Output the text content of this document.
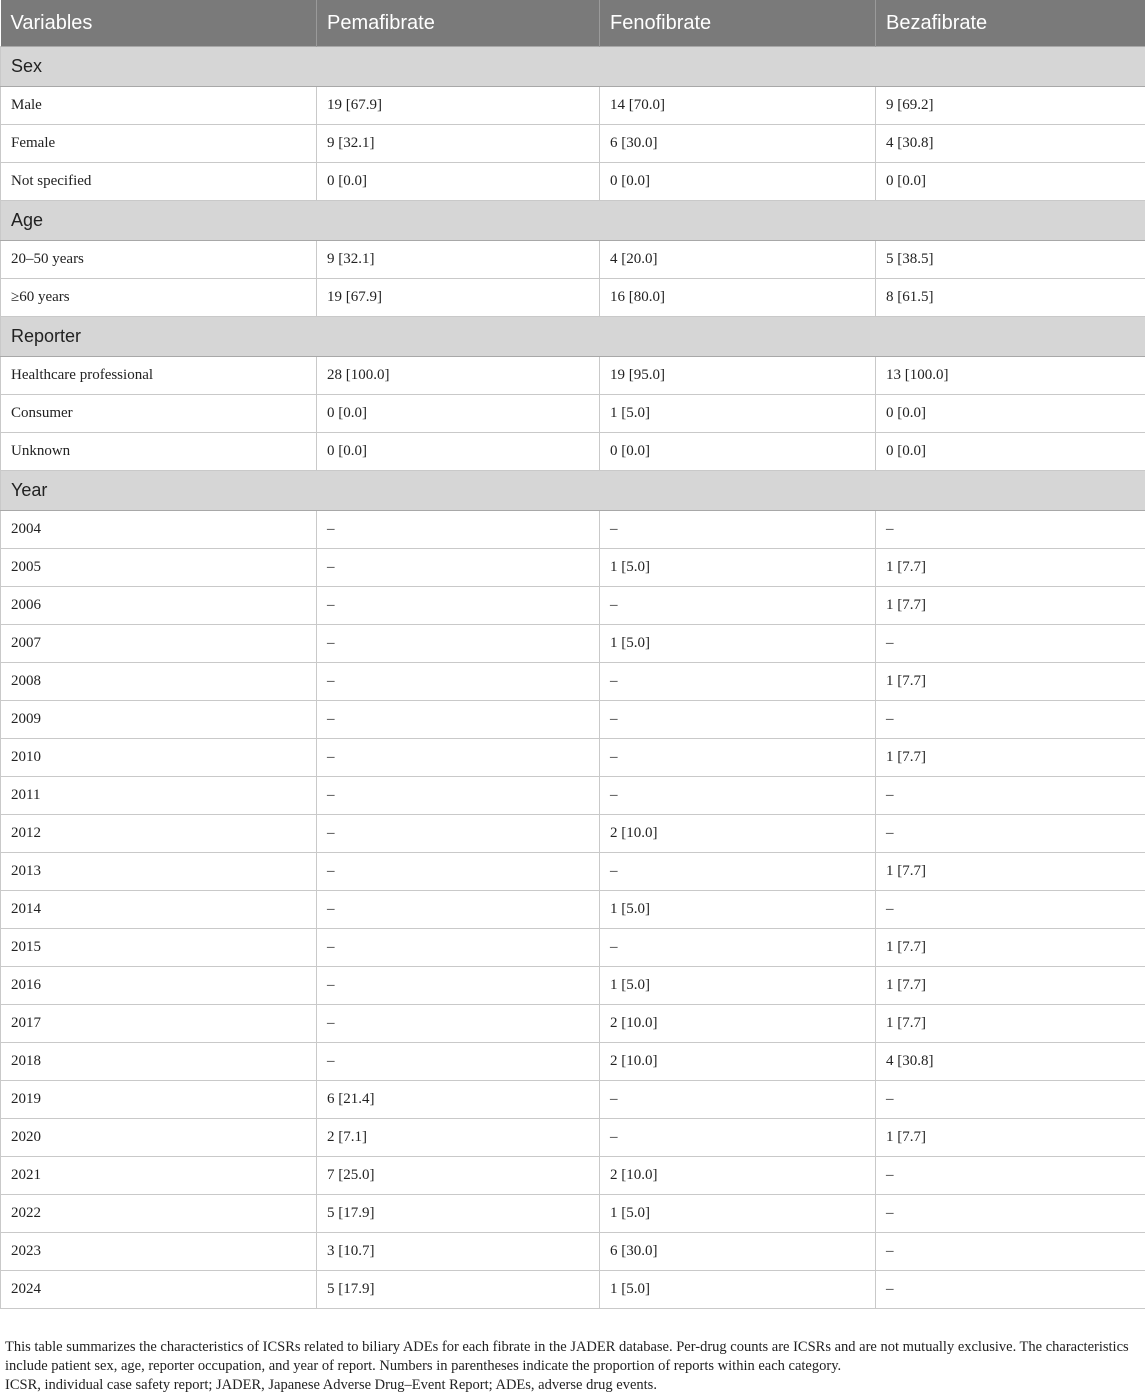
Variables	Pemafibrate	Fenofibrate	Bezafibrate
Sex			
Male	19 [67.9]	14 [70.0]	9 [69.2]
Female	9 [32.1]	6 [30.0]	4 [30.8]
Not specified	0 [0.0]	0 [0.0]	0 [0.0]
Age			
20–50 years	9 [32.1]	4 [20.0]	5 [38.5]
≥60 years	19 [67.9]	16 [80.0]	8 [61.5]
Reporter			
Healthcare professional	28 [100.0]	19 [95.0]	13 [100.0]
Consumer	0 [0.0]	1 [5.0]	0 [0.0]
Unknown	0 [0.0]	0 [0.0]	0 [0.0]
Year			
2004	–	–	–
2005	–	1 [5.0]	1 [7.7]
2006	–	–	1 [7.7]
2007	–	1 [5.0]	–
2008	–	–	1 [7.7]
2009	–	–	–
2010	–	–	1 [7.7]
2011	–	–	–
2012	–	2 [10.0]	–
2013	–	–	1 [7.7]
2014	–	1 [5.0]	–
2015	–	–	1 [7.7]
2016	–	1 [5.0]	1 [7.7]
2017	–	2 [10.0]	1 [7.7]
2018	–	2 [10.0]	4 [30.8]
2019	6 [21.4]	–	–
2020	2 [7.1]	–	1 [7.7]
2021	7 [25.0]	2 [10.0]	–
2022	5 [17.9]	1 [5.0]	–
2023	3 [10.7]	6 [30.0]	–
2024	5 [17.9]	1 [5.0]	–

This table summarizes the characteristics of ICSRs related to biliary ADEs for each fibrate in the JADER database. Per-drug counts are ICSRs and are not mutually exclusive. The characteristics include patient sex, age, reporter occupation, and year of report. Numbers in parentheses indicate the proportion of reports within each category.

ICSR, individual case safety report; JADER, Japanese Adverse Drug–Event Report; ADEs, adverse drug events.
